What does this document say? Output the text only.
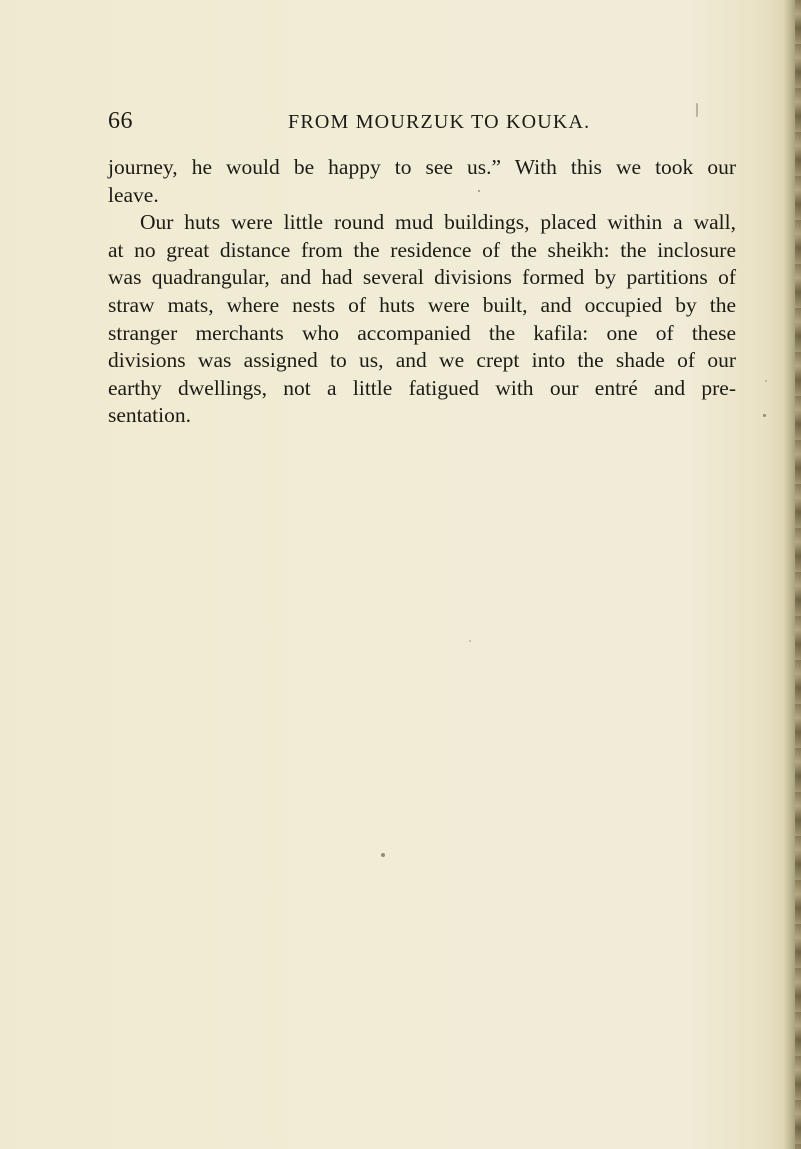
66	FROM MOURZUK TO KOUKA.
journey, he would be happy to see us.” With this we took our
leave.
Our huts were little round mud buildings, placed within a wall,
at no great distance from the residence of the sheikh: the inclosure
was quadrangular, and had several divisions formed by partitions of
straw mats, where nests of huts were built, and occupied by the
stranger merchants who accompanied the kafila: one of these
divisions was assigned to us, and we crept into the shade of our
earthy dwellings, not a little fatigued with our entré and pre-
sentation.
